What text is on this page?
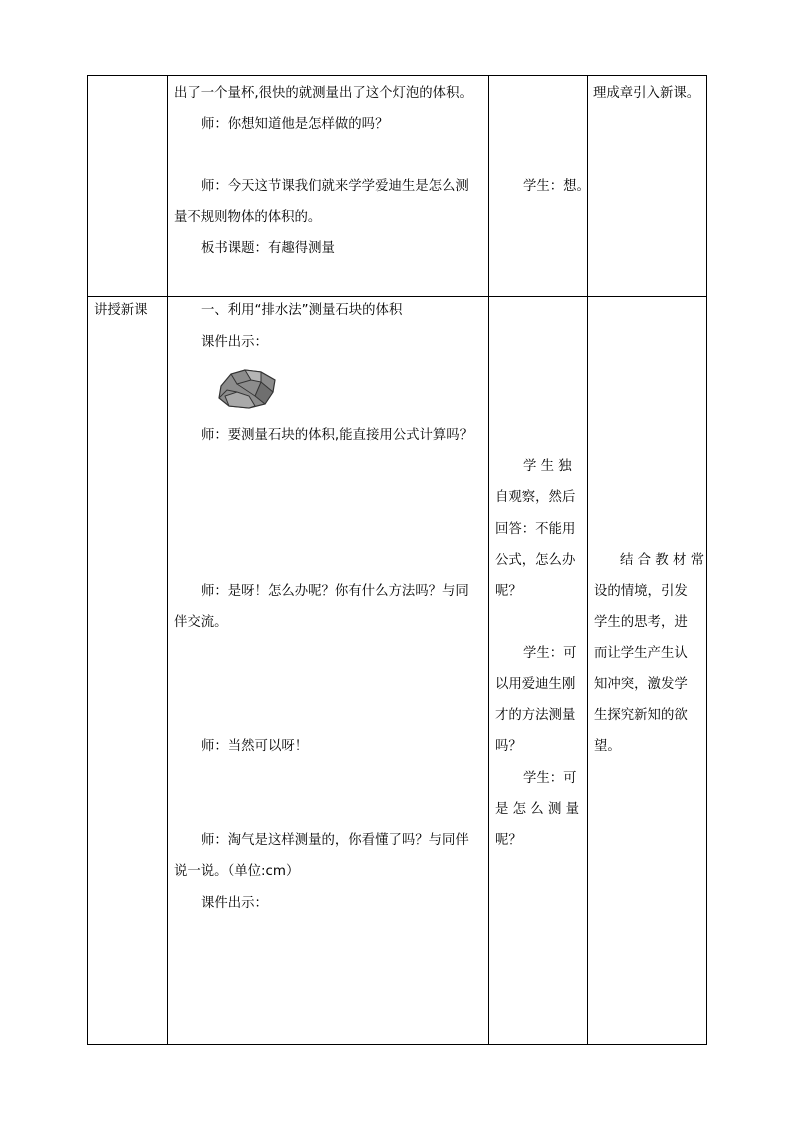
出了一个量杯,很快的就测量出了这个灯泡的体积。
师：你想知道他是怎样做的吗？
师：今天这节课我们就来学学爱迪生是怎么测
量不规则物体的体积的。
板书课题：有趣得测量
学生：想。
理成章引入新课。
讲授新课	一、利用“排水法”测量石块的体积
课件出示：
师：要测量石块的体积,能直接用公式计算吗？
师：是呀！怎么办呢？你有什么方法吗？与同
伴交流。
师：当然可以呀！
师：淘气是这样测量的，你看懂了吗？与同伴
说一说。（单位:cm）
课件出示：
学 生 独
自观察，然后
回答：不能用
公式，怎么办
呢？
学生：可
以用爱迪生刚
才的方法测量
吗？
学生：可
是 怎 么 测 量
呢？
结 合 教 材 常
设的情境，引发
学生的思考，进
而让学生产生认
知冲突，激发学
生探究新知的欲
望。
